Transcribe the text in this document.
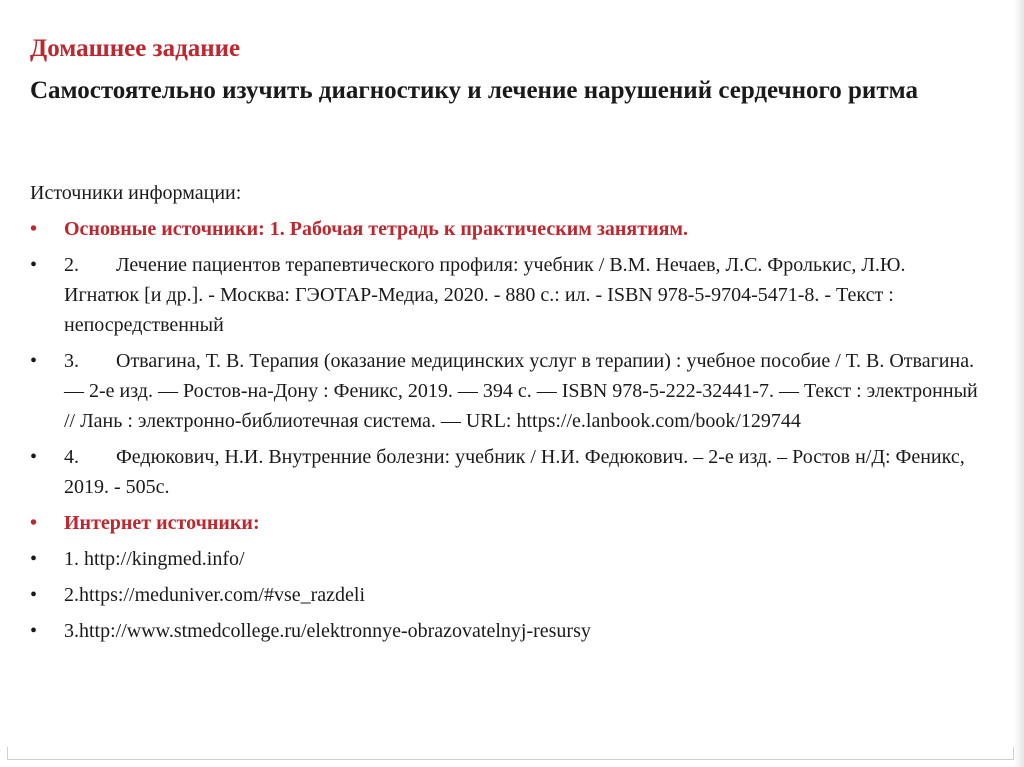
Домашнее задание
Самостоятельно изучить диагностику и лечение нарушений сердечного ритма

Источники информации:

•	Основные источники: 1. Рабочая тетрадь к практическим занятиям.
•	2. Лечение пациентов терапевтического профиля: учебник / В.М. Нечаев, Л.С. Фролькис, Л.Ю. Игнатюк [и др.]. - Москва: ГЭОТАР-Медиа, 2020. - 880 с.: ил. - ISBN 978-5-9704-5471-8. - Текст : непосредственный
•	3. Отвагина, Т. В. Терапия (оказание медицинских услуг в терапии) : учебное пособие / Т. В. Отвагина. — 2-е изд. — Ростов-на-Дону : Феникс, 2019. — 394 с. — ISBN 978-5-222-32441-7. — Текст : электронный // Лань : электронно-библиотечная система. — URL: https://e.lanbook.com/book/129744
•	4. Федюкович, Н.И. Внутренние болезни: учебник / Н.И. Федюкович. – 2-е изд. – Ростов н/Д: Феникс, 2019. - 505с.
•	Интернет источники:
•	1. http://kingmed.info/
•	2.https://meduniver.com/#vse_razdeli
•	3.http://www.stmedcollege.ru/elektronnye-obrazovatelnyj-resursy
